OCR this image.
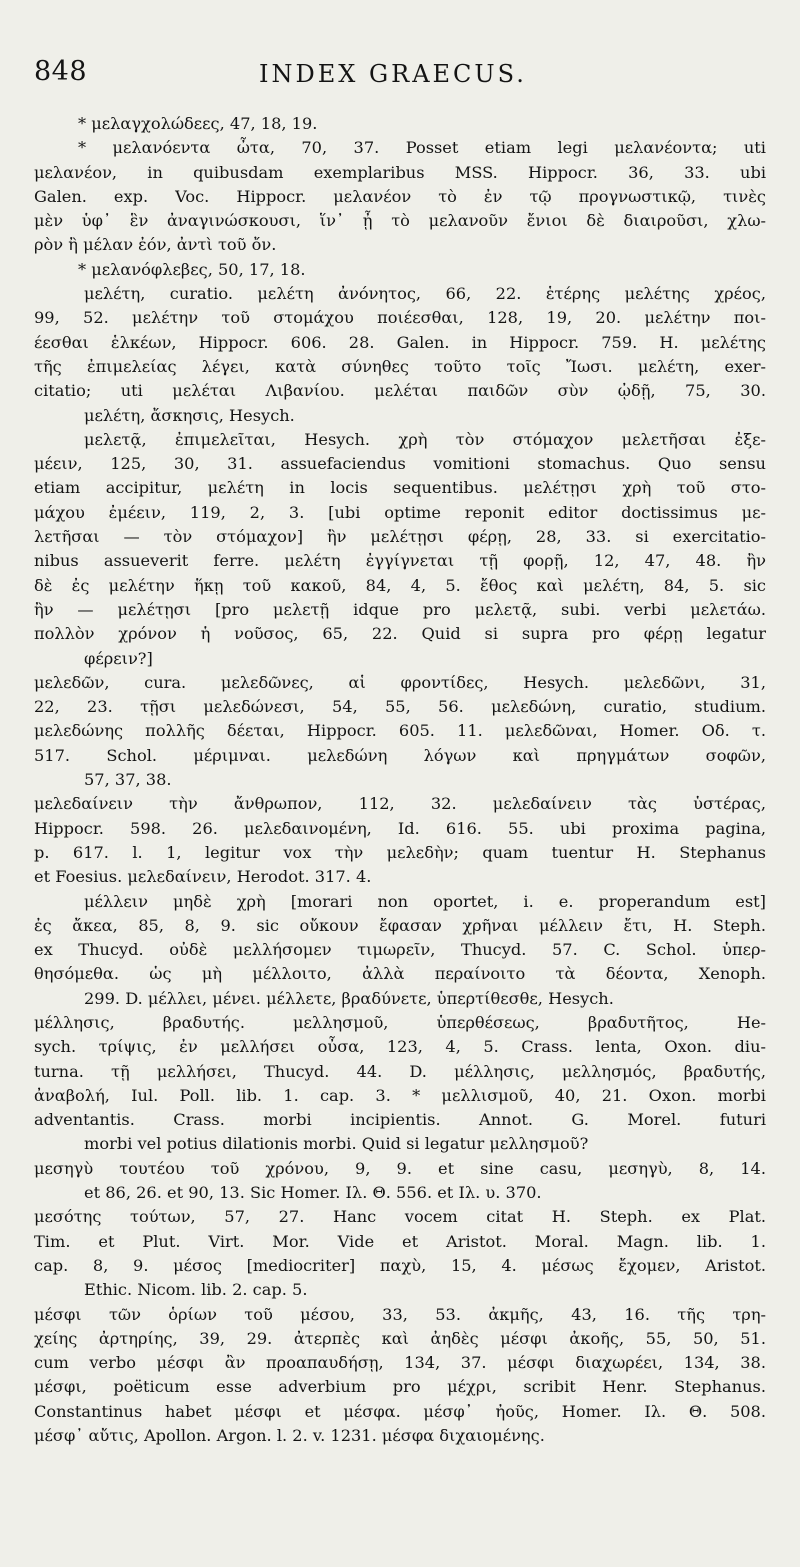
848	INDEX GRAECUS.
* μελαγχολώδεες, 47, 18, 19.
* μελανόεντα ὦτα, 70, 37. Posset etiam legi μελανέοντα; uti
μελανέον, in quibusdam exemplaribus MSS. Hippocr. 36, 33. ubi
Galen. exp. Voc. Hippocr. μελανέον τὸ ἐν τῷ προγνωστικῷ, τινὲς
μὲν ὑφ᾽ ἓν ἀναγινώσκουσι, ἵν᾽ ᾖ τὸ μελανοῦν ἔνιοι δὲ διαιροῦσι, χλω-
ρὸν ἢ μέλαν ἐόν, ἀντὶ τοῦ ὄν.
* μελανόφλεβες, 50, 17, 18.
μελέτη, curatio. μελέτη ἀνόνητος, 66, 22. ἑτέρης μελέτης χρέος,
99, 52. μελέτην τοῦ στομάχου ποιέεσθαι, 128, 19, 20. μελέτην ποι-
έεσθαι ἑλκέων, Hippocr. 606. 28. Galen. in Hippocr. 759. H. μελέτης
τῆς ἐπιμελείας λέγει, κατὰ σύνηθες τοῦτο τοῖς Ἴωσι. μελέτη, exer-
citatio; uti μελέται Λιβανίου. μελέται παιδῶν σὺν ᾠδῇ, 75, 30.
μελέτη, ἄσκησις, Hesych.
μελετᾷ, ἐπιμελεῖται, Hesych. χρὴ τὸν στόμαχον μελετῆσαι ἐξε-
μέειν, 125, 30, 31. assuefaciendus vomitioni stomachus. Quo sensu
etiam accipitur, μελέτη in locis sequentibus. μελέτῃσι χρὴ τοῦ στο-
μάχου ἐμέειν, 119, 2, 3. [ubi optime reponit editor doctissimus με-
λετῆσαι — τὸν στόμαχον] ἢν μελέτῃσι φέρῃ, 28, 33. si exercitatio-
nibus assueverit ferre. μελέτη ἐγγίγνεται τῇ φορῇ, 12, 47, 48. ἢν
δὲ ἐς μελέτην ἥκῃ τοῦ κακοῦ, 84, 4, 5. ἔθος καὶ μελέτη, 84, 5. sic
ἢν — μελέτῃσι [pro μελετῇ idque pro μελετᾷ, subi. verbi μελετάω.
πολλὸν χρόνον ἡ νοῦσος, 65, 22. Quid si supra pro φέρῃ legatur
φέρειν?]
μελεδῶν, cura. μελεδῶνες, αἱ φροντίδες, Hesych. μελεδῶνι, 31,
22, 23. τῇσι μελεδώνεσι, 54, 55, 56. μελεδώνη, curatio, studium.
μελεδώνης πολλῆς δέεται, Hippocr. 605. 11. μελεδῶναι, Homer. Οδ. τ.
517. Schol. μέριμναι. μελεδώνη λόγων καὶ πρηγμάτων σοφῶν,
57, 37, 38.
μελεδαίνειν τὴν ἄνθρωπον, 112, 32. μελεδαίνειν τὰς ὑστέρας,
Hippocr. 598. 26. μελεδαινομένη, Id. 616. 55. ubi proxima pagina,
p. 617. l. 1, legitur vox τὴν μελεδὴν; quam tuentur H. Stephanus
et Foesius. μελεδαίνειν, Herodot. 317. 4.
μέλλειν μηδὲ χρὴ [morari non oportet, i. e. properandum est]
ἐς ἄκεα, 85, 8, 9. sic οὔκουν ἔφασαν χρῆναι μέλλειν ἔτι, H. Steph.
ex Thucyd. οὐδὲ μελλήσομεν τιμωρεῖν, Thucyd. 57. C. Schol. ὑπερ-
θησόμεθα. ὡς μὴ μέλλοιτο, ἀλλὰ περαίνοιτο τὰ δέοντα, Xenoph.
299. D. μέλλει, μένει. μέλλετε, βραδύνετε, ὑπερτίθεσθε, Hesych.
μέλλησις, βραδυτής. μελλησμοῦ, ὑπερθέσεως, βραδυτῆτος, He-
sych. τρίψις, ἐν μελλήσει οὖσα, 123, 4, 5. Crass. lenta, Oxon. diu-
turna. τῇ μελλήσει, Thucyd. 44. D. μέλλησις, μελλησμός, βραδυτής,
ἀναβολή, Iul. Poll. lib. 1. cap. 3. * μελλισμοῦ, 40, 21. Oxon. morbi
adventantis. Crass. morbi incipientis. Annot. G. Morel. futuri
morbi vel potius dilationis morbi. Quid si legatur μελλησμοῦ?
μεσηγὺ τουτέου τοῦ χρόνου, 9, 9. et sine casu, μεσηγὺ, 8, 14.
et 86, 26. et 90, 13. Sic Homer. Ιλ. Θ. 556. et Ιλ. υ. 370.
μεσότης τούτων, 57, 27. Hanc vocem citat H. Steph. ex Plat.
Tim. et Plut. Virt. Mor. Vide et Aristot. Moral. Magn. lib. 1.
cap. 8, 9. μέσος [mediocriter] παχὺ, 15, 4. μέσως ἔχομεν, Aristot.
Ethic. Nicom. lib. 2. cap. 5.
μέσφι τῶν ὁρίων τοῦ μέσου, 33, 53. ἀκμῆς, 43, 16. τῆς τρη-
χείης ἀρτηρίης, 39, 29. ἀτερπὲς καὶ ἀηδὲς μέσφι ἀκοῆς, 55, 50, 51.
cum verbo μέσφι ἂν προαπαυδήσῃ, 134, 37. μέσφι διαχωρέει, 134, 38.
μέσφι, poëticum esse adverbium pro μέχρι, scribit Henr. Stephanus.
Constantinus habet μέσφι et μέσφα. μέσφ᾽ ἠοῦς, Homer. Ιλ. Θ. 508.
μέσφ᾽ αὔτις, Apollon. Argon. l. 2. v. 1231. μέσφα διχαιομένης.
